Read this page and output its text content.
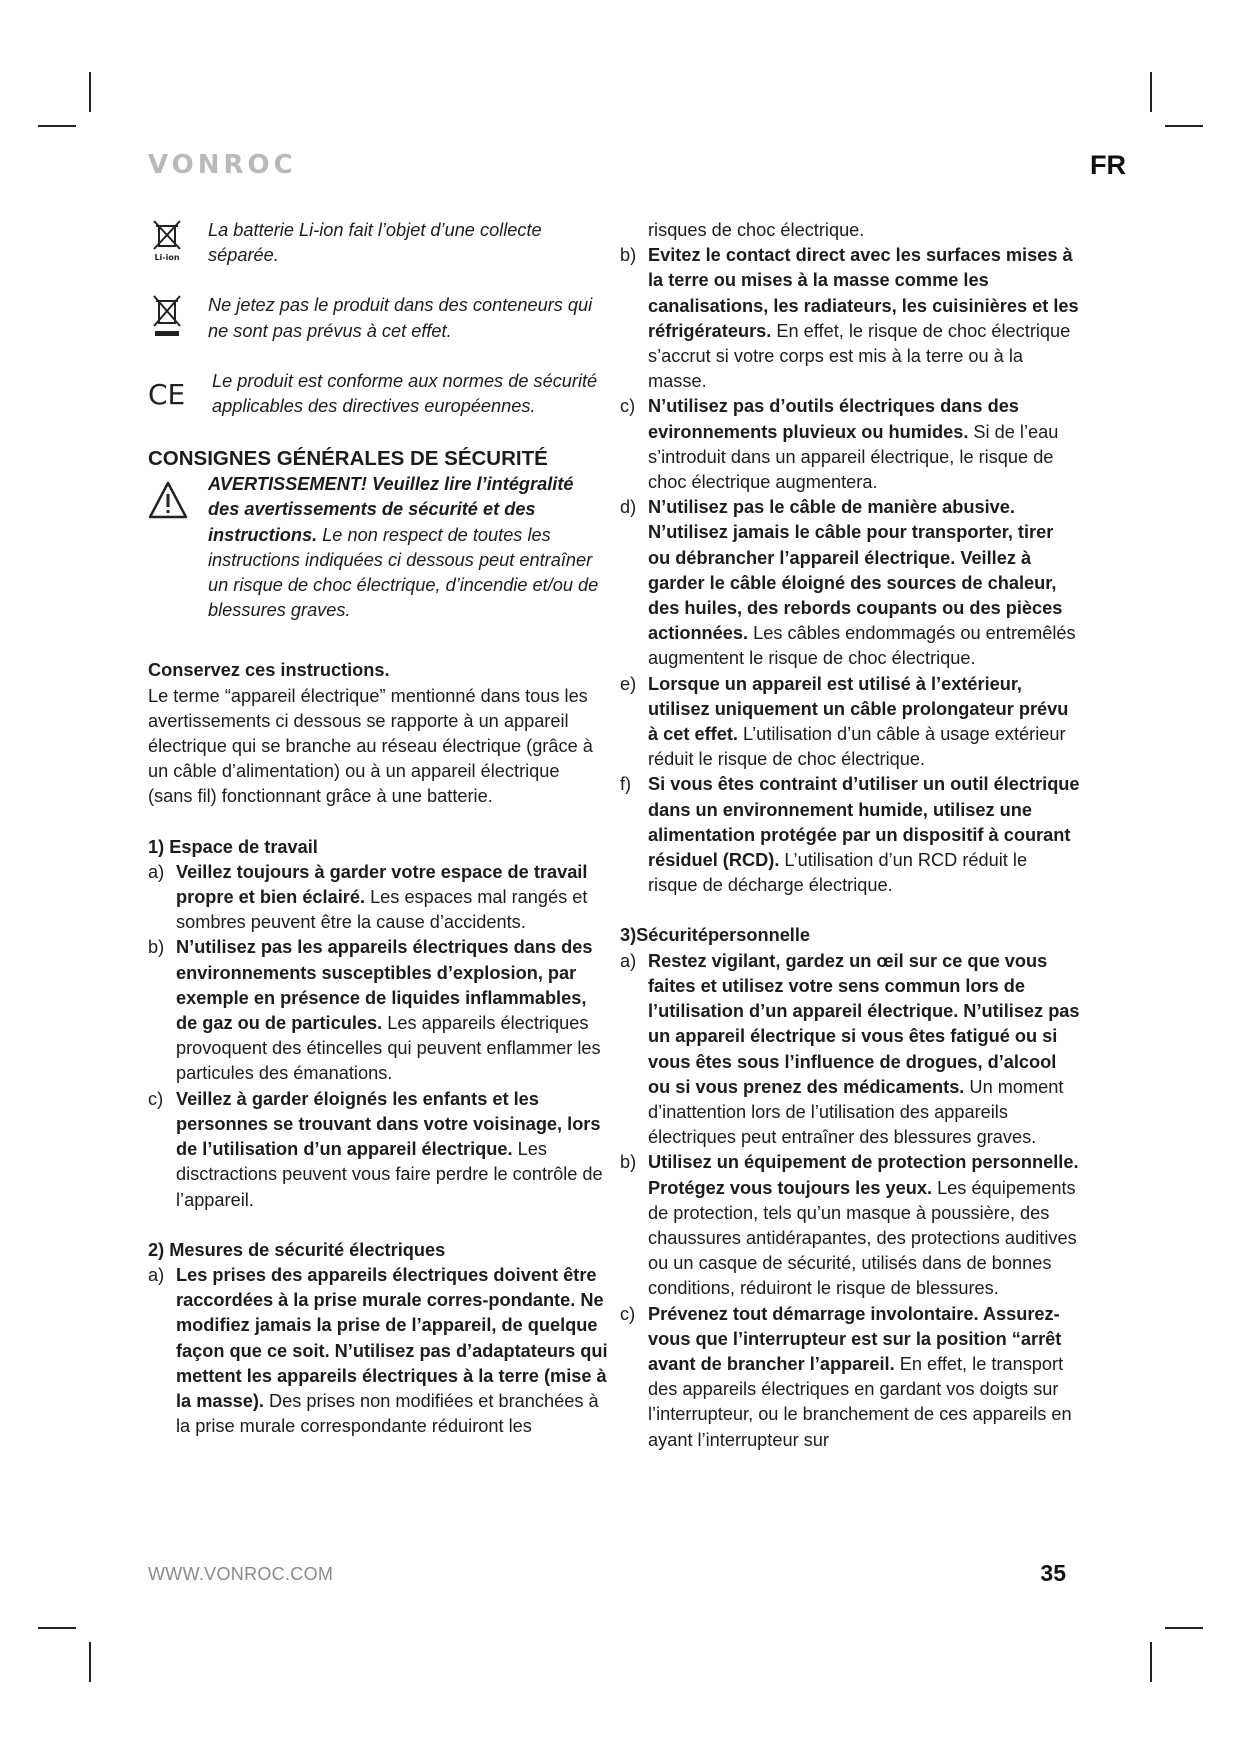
VONROC	FR
Li-ion

La batterie Li-ion fait l’objet d’une collecte séparée.

Ne jetez pas le produit dans des conteneurs qui ne sont pas prévus à cet effet.

CE Le produit est conforme aux normes de sécurité applicables des directives européennes.

CONSIGNES GÉNÉRALES DE SÉCURITÉ

AVERTISSEMENT! Veuillez lire l’intégralité des avertissements de sécurité et des instructions. Le non respect de toutes les instructions indiquées ci dessous peut entraîner un risque de choc électrique, d’incendie et/ou de blessures graves.

Conservez ces instructions.

Le terme “appareil électrique” mentionné dans tous les avertissements ci dessous se rapporte à un appareil électrique qui se branche au réseau électrique (grâce à un câble d’alimentation) ou à un appareil électrique (sans fil) fonctionnant grâce à une batterie.

1) Espace de travail
a) Veillez toujours à garder votre espace de travail propre et bien éclairé. Les espaces mal rangés et sombres peuvent être la cause d’accidents.

b) N’utilisez pas les appareils électriques dans des environnements susceptibles d’explosion, par exemple en présence de liquides inflammables, de gaz ou de particules. Les appareils électriques provoquent des étincelles qui peuvent enflammer les particules des émanations.

c) Veillez à garder éloignés les enfants et les personnes se trouvant dans votre voisinage, lors de l’utilisation d’un appareil électrique. Les disctractions peuvent vous faire perdre le contrôle de l’appareil.

2) Mesures de sécurité électriques
a) Les prises des appareils électriques doivent être raccordées à la prise murale corres-pondante. Ne modifiez jamais la prise de l’appareil, de quelque façon que ce soit. N’utilisez pas d’adaptateurs qui mettent les appareils électriques à la terre (mise à la masse). Des prises non modifiées et branchées à la prise murale correspondante réduiront les

risques de choc électrique.

b) Evitez le contact direct avec les surfaces mises à la terre ou mises à la masse comme les canalisations, les radiateurs, les cuisinières et les réfrigérateurs. En effet, le risque de choc électrique s’accrut si votre corps est mis à la terre ou à la masse.

c) N’utilisez pas d’outils électriques dans des evironnements pluvieux ou humides. Si de l’eau s’introduit dans un appareil électrique, le risque de choc électrique augmentera.

d) N’utilisez pas le câble de manière abusive. N’utilisez jamais le câble pour transporter, tirer ou débrancher l’appareil électrique. Veillez à garder le câble éloigné des sources de chaleur, des huiles, des rebords coupants ou des pièces actionnées. Les câbles endommagés ou entremêlés augmentent le risque de choc électrique.

e) Lorsque un appareil est utilisé à l’extérieur, utilisez uniquement un câble prolongateur prévu à cet effet. L’utilisation d’un câble à usage extérieur réduit le risque de choc électrique.

f) Si vous êtes contraint d’utiliser un outil électrique dans un environnement humide, utilisez une alimentation protégée par un dispositif à courant résiduel (RCD). L’utilisation d’un RCD réduit le risque de décharge électrique.

3)Sécuritépersonnelle
a) Restez vigilant, gardez un œil sur ce que vous faites et utilisez votre sens commun lors de l’utilisation d’un appareil électrique. N’utilisez pas un appareil électrique si vous êtes fatigué ou si vous êtes sous l’influence de drogues, d’alcool ou si vous prenez des médicaments. Un moment d’inattention lors de l’utilisation des appareils électriques peut entraîner des blessures graves.

b) Utilisez un équipement de protection personnelle. Protégez vous toujours les yeux. Les équipements de protection, tels qu’un masque à poussière, des chaussures antidérapantes, des protections auditives ou un casque de sécurité, utilisés dans de bonnes conditions, réduiront le risque de blessures.

c) Prévenez tout démarrage involontaire. Assurez-vous que l’interrupteur est sur la position “arrêt avant de brancher l’appareil. En effet, le transport des appareils électriques en gardant vos doigts sur l’interrupteur, ou le branchement de ces appareils en ayant l’interrupteur sur

WWW.VONROC.COM	35
